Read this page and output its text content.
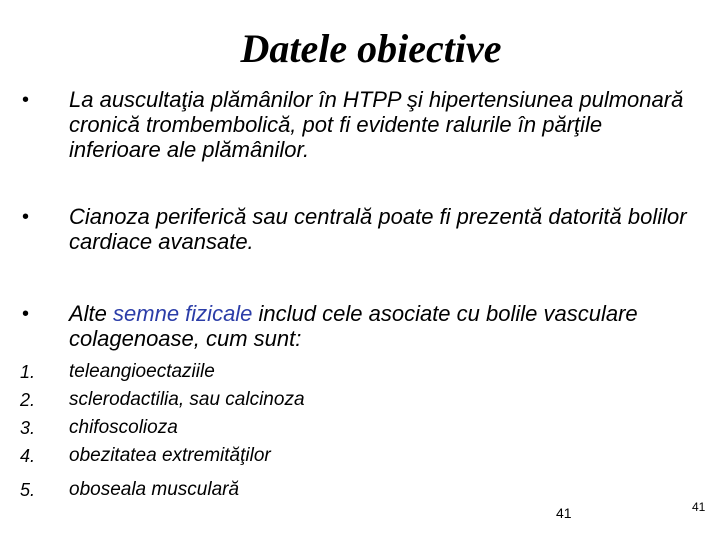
Datele obiective
• La auscultaţia plămânilor în HTPP şi hipertensiunea pulmonară cronică trombembolică, pot fi evidente ralurile în părţile inferioare ale plămânilor.
• Cianoza periferică sau centrală poate fi prezentă datorită bolilor cardiace avansate.
• Alte semne fizicale includ cele asociate cu bolile vasculare colagenoase, cum sunt:
1. teleangioectaziile
2. sclerodactilia, sau calcinoza
3. chifoscolioza
4. obezitatea extremităţilor
5. oboseala musculară
41	41
